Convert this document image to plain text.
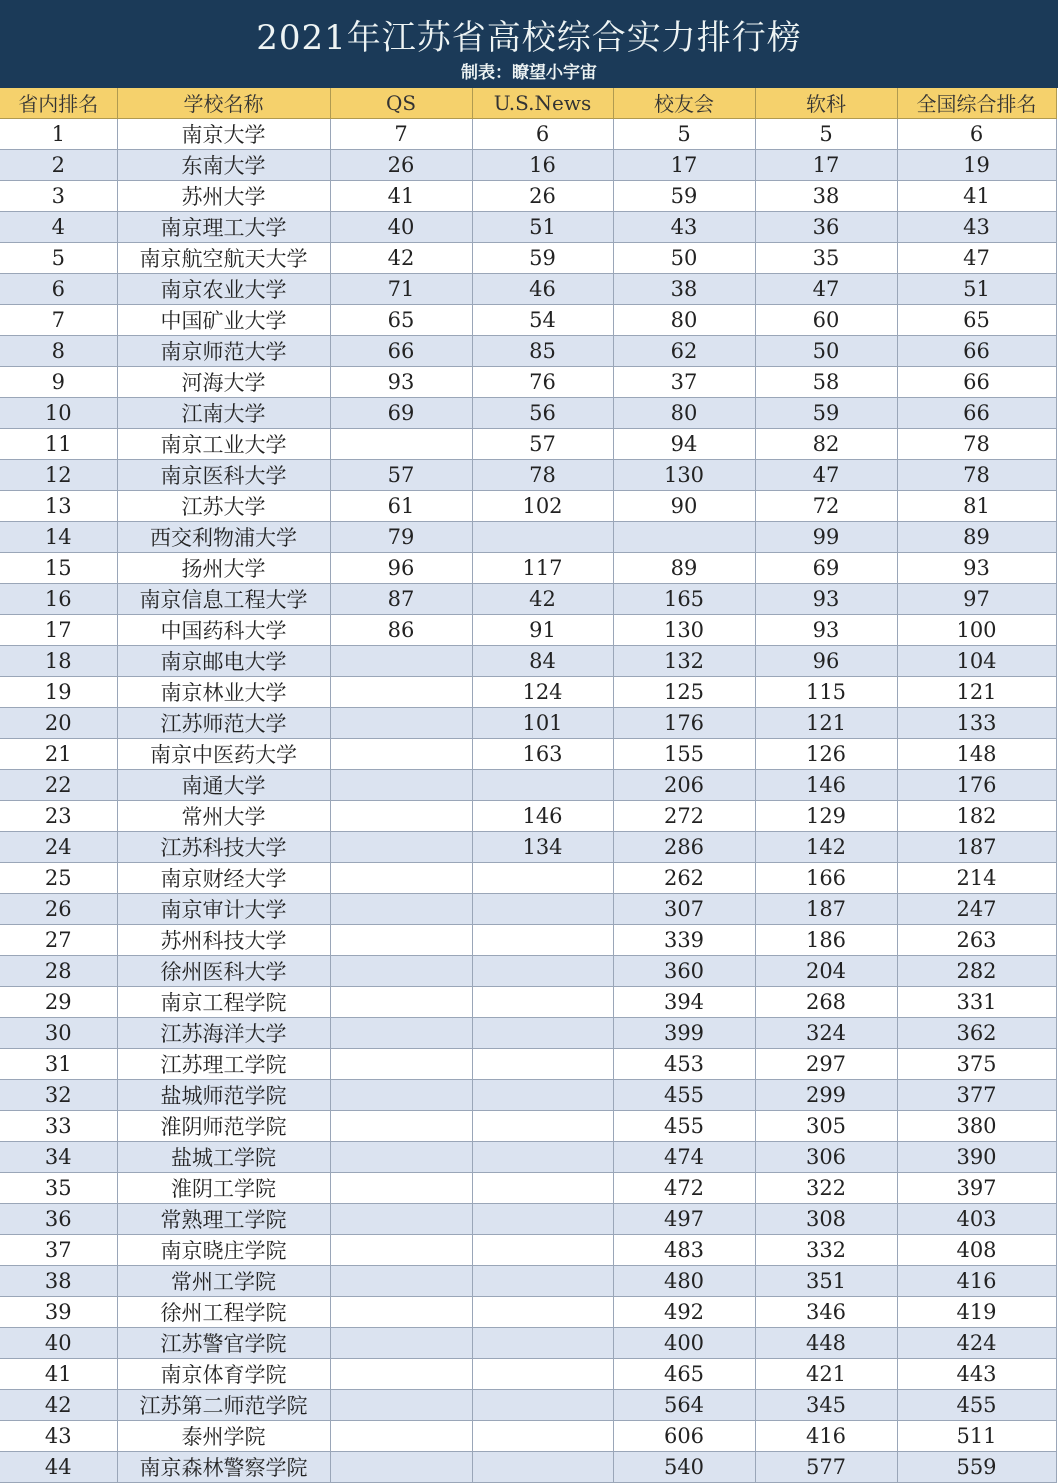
2021年江苏省高校综合实力排行榜
制表：瞭望小宇宙
省内排名	学校名称	QS	U.S.News	校友会	软科	全国综合排名
1	南京大学	7	6	5	5	6
2	东南大学	26	16	17	17	19
3	苏州大学	41	26	59	38	41
4	南京理工大学	40	51	43	36	43
5	南京航空航天大学	42	59	50	35	47
6	南京农业大学	71	46	38	47	51
7	中国矿业大学	65	54	80	60	65
8	南京师范大学	66	85	62	50	66
9	河海大学	93	76	37	58	66
10	江南大学	69	56	80	59	66
11	南京工业大学		57	94	82	78
12	南京医科大学	57	78	130	47	78
13	江苏大学	61	102	90	72	81
14	西交利物浦大学	79			99	89
15	扬州大学	96	117	89	69	93
16	南京信息工程大学	87	42	165	93	97
17	中国药科大学	86	91	130	93	100
18	南京邮电大学		84	132	96	104
19	南京林业大学		124	125	115	121
20	江苏师范大学		101	176	121	133
21	南京中医药大学		163	155	126	148
22	南通大学			206	146	176
23	常州大学		146	272	129	182
24	江苏科技大学		134	286	142	187
25	南京财经大学			262	166	214
26	南京审计大学			307	187	247
27	苏州科技大学			339	186	263
28	徐州医科大学			360	204	282
29	南京工程学院			394	268	331
30	江苏海洋大学			399	324	362
31	江苏理工学院			453	297	375
32	盐城师范学院			455	299	377
33	淮阴师范学院			455	305	380
34	盐城工学院			474	306	390
35	淮阴工学院			472	322	397
36	常熟理工学院			497	308	403
37	南京晓庄学院			483	332	408
38	常州工学院			480	351	416
39	徐州工程学院			492	346	419
40	江苏警官学院			400	448	424
41	南京体育学院			465	421	443
42	江苏第二师范学院			564	345	455
43	泰州学院			606	416	511
44	南京森林警察学院			540	577	559
